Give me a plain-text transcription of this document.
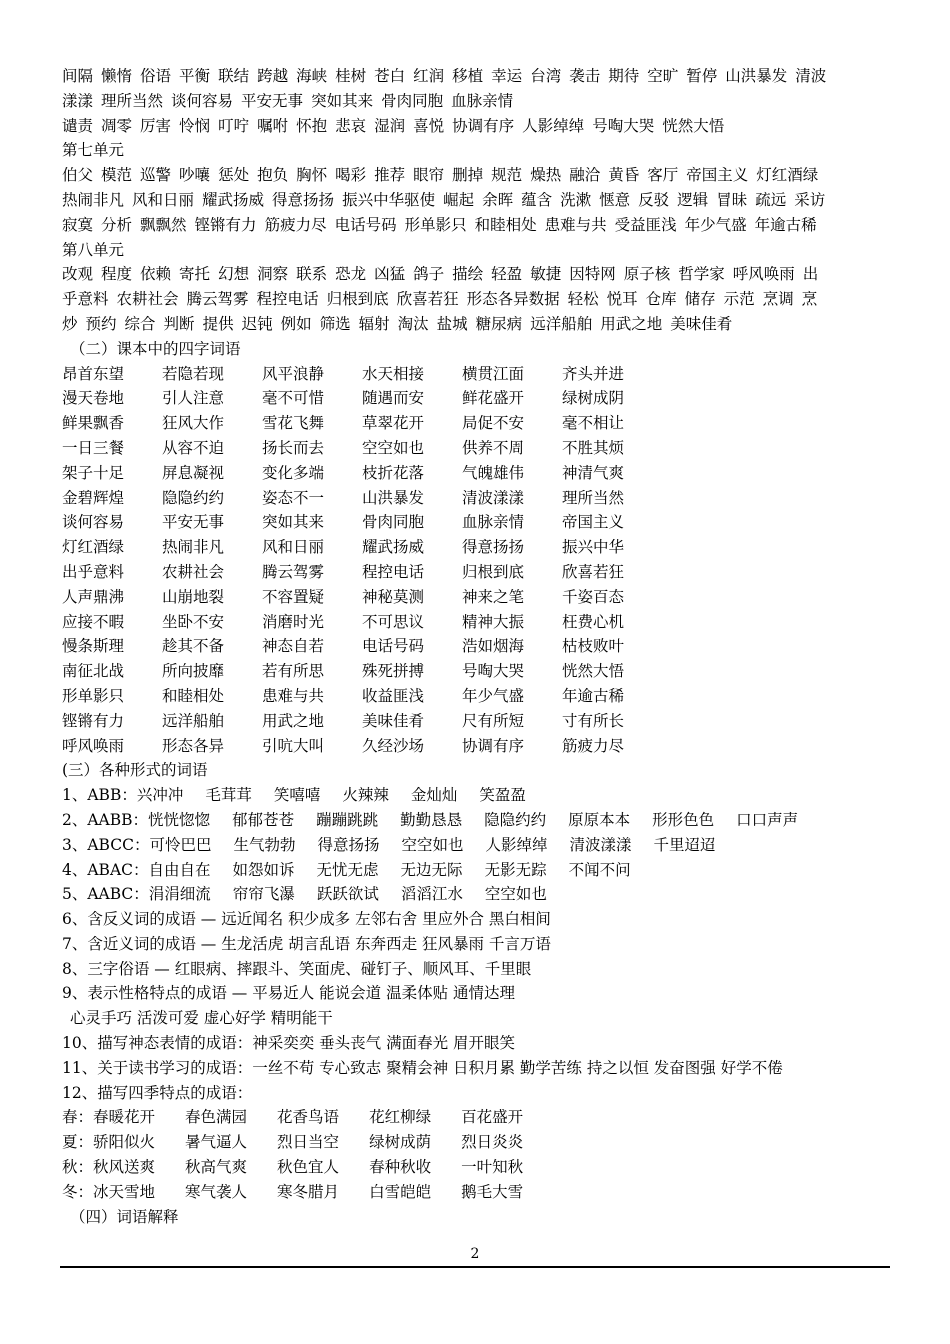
间隔 懒惰 俗语 平衡 联结 跨越 海峡 桂树 苍白 红润 移植 幸运 台湾 袭击 期待 空旷 暂停 山洪暴发 清波
漾漾 理所当然 谈何容易 平安无事 突如其来 骨肉同胞 血脉亲情
谴责 凋零 厉害 怜悯 叮咛 嘱咐 怀抱 悲哀 湿润 喜悦 协调有序 人影绰绰 号啕大哭 恍然大悟
第七单元
伯父 模范 巡警 吵嚷 惩处 抱负 胸怀 喝彩 推荐 眼帘 删掉 规范 燥热 融洽 黄昏 客厅 帝国主义 灯红酒绿
热闹非凡 风和日丽 耀武扬威 得意扬扬 振兴中华驱使 崛起 余晖 蕴含 洗漱 惬意 反驳 逻辑 冒昧 疏远 采访
寂寞 分析 飘飘然 铿锵有力 筋疲力尽 电话号码 形单影只 和睦相处 患难与共 受益匪浅 年少气盛 年逾古稀
第八单元
改观 程度 依赖 寄托 幻想 洞察 联系 恐龙 凶猛 鸽子 描绘 轻盈 敏捷 因特网 原子核 哲学家 呼风唤雨 出
乎意料 农耕社会 腾云驾雾 程控电话 归根到底 欣喜若狂 形态各异数据 轻松 悦耳 仓库 储存 示范 烹调 烹
炒 预约 综合 判断 提供 迟钝 例如 筛选 辐射 淘汰 盐城 糖尿病 远洋船舶 用武之地 美味佳肴
（二）课本中的四字词语
昂首东望	若隐若现	风平浪静	水天相接	横贯江面	齐头并进
漫天卷地	引人注意	毫不可惜	随遇而安	鲜花盛开	绿树成阴
鲜果飘香	狂风大作	雪花飞舞	草翠花开	局促不安	毫不相让
一日三餐	从容不迫	扬长而去	空空如也	供养不周	不胜其烦
架子十足	屏息凝视	变化多端	枝折花落	气魄雄伟	神清气爽
金碧辉煌	隐隐约约	姿态不一	山洪暴发	清波漾漾	理所当然
谈何容易	平安无事	突如其来	骨肉同胞	血脉亲情	帝国主义
灯红酒绿	热闹非凡	风和日丽	耀武扬威	得意扬扬	振兴中华
出乎意料	农耕社会	腾云驾雾	程控电话	归根到底	欣喜若狂
人声鼎沸	山崩地裂	不容置疑	神秘莫测	神来之笔	千姿百态
应接不暇	坐卧不安	消磨时光	不可思议	精神大振	枉费心机
慢条斯理	趁其不备	神态自若	电话号码	浩如烟海	枯枝败叶
南征北战	所向披靡	若有所思	殊死拼搏	号啕大哭	恍然大悟
形单影只	和睦相处	患难与共	收益匪浅	年少气盛	年逾古稀
铿锵有力	远洋船舶	用武之地	美味佳肴	尺有所短	寸有所长
呼风唤雨	形态各异	引吭大叫	久经沙场	协调有序	筋疲力尽
(三）各种形式的词语
1、ABB：兴冲冲 毛茸茸 笑嘻嘻 火辣辣 金灿灿 笑盈盈
2、AABB：恍恍惚惚 郁郁苍苍 蹦蹦跳跳 勤勤恳恳 隐隐约约 原原本本 形形色色 口口声声
3、ABCC：可怜巴巴 生气勃勃 得意扬扬 空空如也 人影绰绰 清波漾漾 千里迢迢
4、ABAC：自由自在 如怨如诉 无忧无虑 无边无际 无影无踪 不闻不问
5、AABC：涓涓细流 帘帘飞瀑 跃跃欲试 滔滔江水 空空如也
6、含反义词的成语 — 远近闻名 积少成多 左邻右舍 里应外合 黑白相间
7、含近义词的成语 — 生龙活虎 胡言乱语 东奔西走 狂风暴雨 千言万语
8、三字俗语 — 红眼病、摔跟斗、笑面虎、碰钉子、顺风耳、千里眼
9、表示性格特点的成语 — 平易近人 能说会道 温柔体贴 通情达理
心灵手巧 活泼可爱 虚心好学 精明能干
10、描写神态表情的成语：神采奕奕 垂头丧气 满面春光 眉开眼笑
11、关于读书学习的成语：一丝不苟 专心致志 聚精会神 日积月累 勤学苦练 持之以恒 发奋图强 好学不倦
12、描写四季特点的成语：
春：春暖花开 春色满园 花香鸟语 花红柳绿 百花盛开
夏：骄阳似火 暑气逼人 烈日当空 绿树成荫 烈日炎炎
秋：秋风送爽 秋高气爽 秋色宜人 春种秋收 一叶知秋
冬：冰天雪地 寒气袭人 寒冬腊月 白雪皑皑 鹅毛大雪
（四）词语解释
2
